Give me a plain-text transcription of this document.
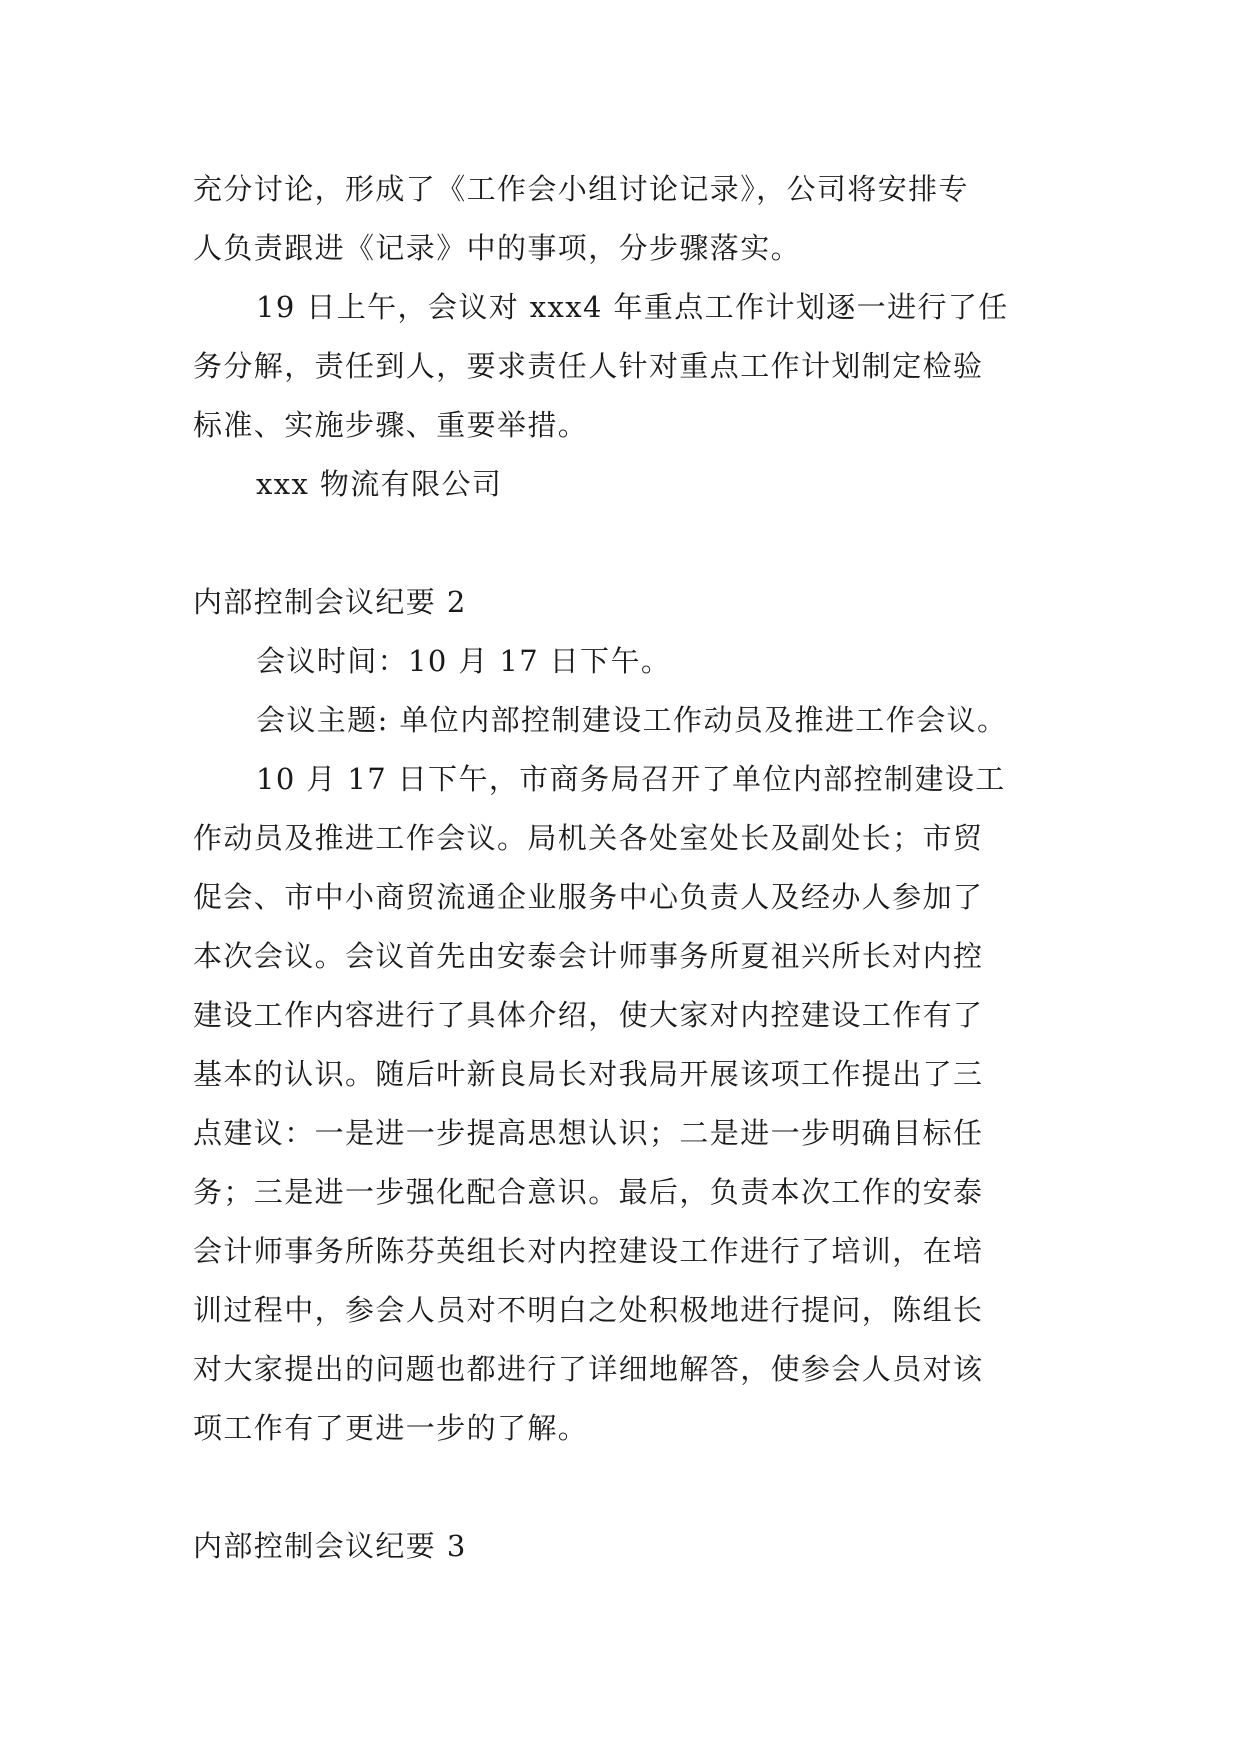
充分讨论，形成了《工作会小组讨论记录》，公司将安排专
人负责跟进《记录》中的事项，分步骤落实。
19 日上午，会议对 xxx4 年重点工作计划逐一进行了任
务分解，责任到人，要求责任人针对重点工作计划制定检验
标准、实施步骤、重要举措。
xxx 物流有限公司
内部控制会议纪要 2
会议时间：10 月 17 日下午。
会议主题: 单位内部控制建设工作动员及推进工作会议。
10 月 17 日下午，市商务局召开了单位内部控制建设工
作动员及推进工作会议。局机关各处室处长及副处长；市贸
促会、市中小商贸流通企业服务中心负责人及经办人参加了
本次会议。会议首先由安泰会计师事务所夏祖兴所长对内控
建设工作内容进行了具体介绍，使大家对内控建设工作有了
基本的认识。随后叶新良局长对我局开展该项工作提出了三
点建议：一是进一步提高思想认识；二是进一步明确目标任
务；三是进一步强化配合意识。最后，负责本次工作的安泰
会计师事务所陈芬英组长对内控建设工作进行了培训，在培
训过程中，参会人员对不明白之处积极地进行提问，陈组长
对大家提出的问题也都进行了详细地解答，使参会人员对该
项工作有了更进一步的了解。
内部控制会议纪要 3
